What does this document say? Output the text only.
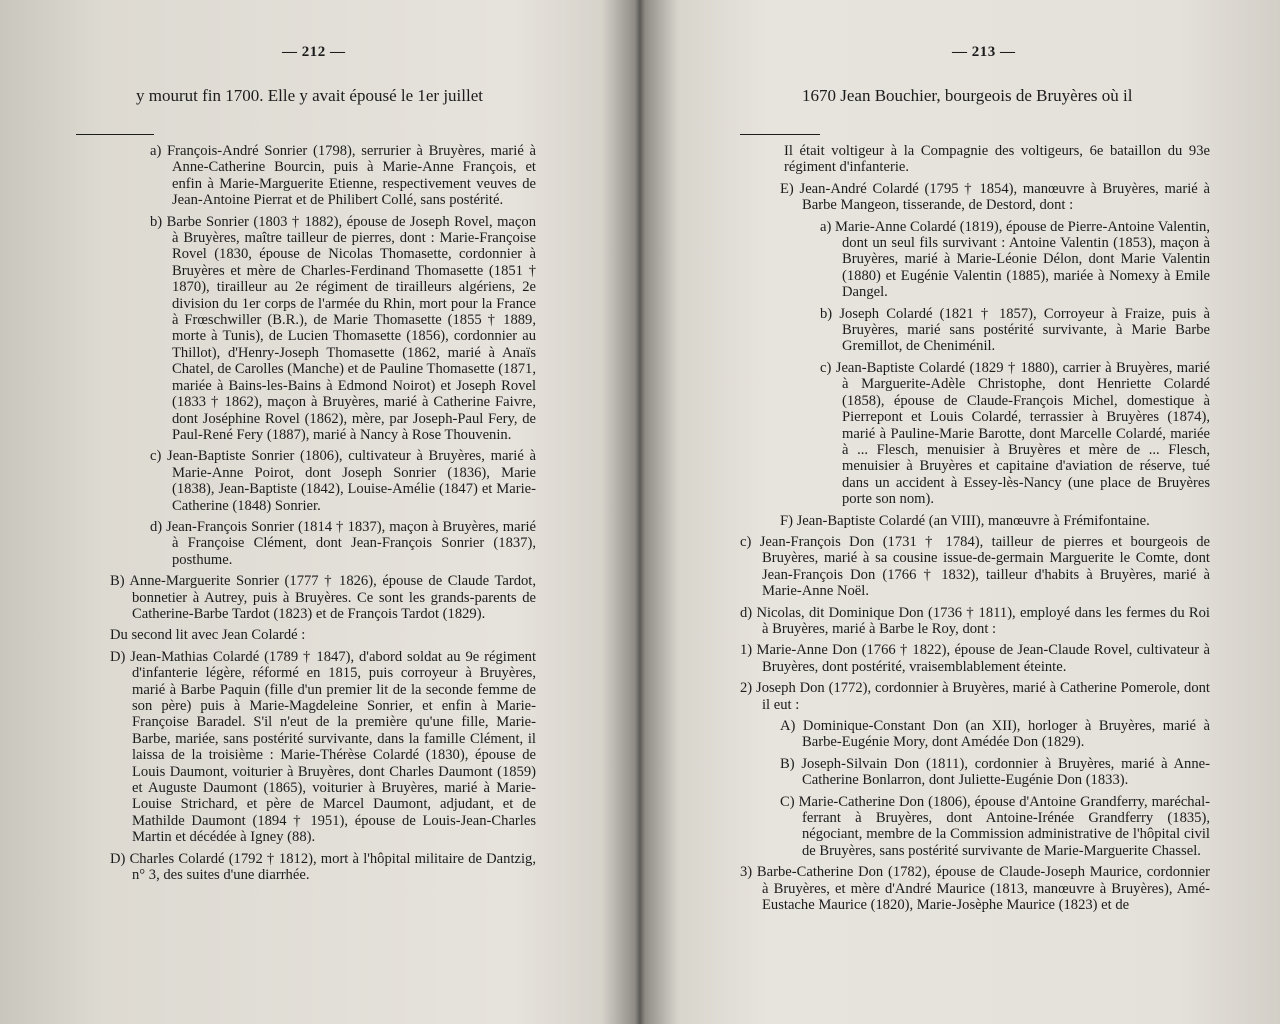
— 212 —
y mourut fin 1700. Elle y avait épousé le 1er juillet

a) François-André Sonrier (1798), serrurier à Bruyères, marié à Anne-Catherine Bourcin, puis à Marie-Anne François, et enfin à Marie-Marguerite Etienne, respectivement veuves de Jean-Antoine Pierrat et de Philibert Collé, sans postérité.

b) Barbe Sonrier (1803 † 1882), épouse de Joseph Rovel, maçon à Bruyères, maître tailleur de pierres, dont : Marie-Françoise Rovel (1830, épouse de Nicolas Thomasette, cordonnier à Bruyères et mère de Charles-Ferdinand Thomasette (1851 † 1870), tirailleur au 2e régiment de tirailleurs algériens, 2e division du 1er corps de l'armée du Rhin, mort pour la France à Frœschwiller (B.R.), de Marie Thomasette (1855 † 1889, morte à Tunis), de Lucien Thomasette (1856), cordonnier au Thillot), d'Henry-Joseph Thomasette (1862, marié à Anaïs Chatel, de Carolles (Manche) et de Pauline Thomasette (1871, mariée à Bains-les-Bains à Edmond Noirot) et Joseph Rovel (1833 † 1862), maçon à Bruyères, marié à Catherine Faivre, dont Joséphine Rovel (1862), mère, par Joseph-Paul Fery, de Paul-René Fery (1887), marié à Nancy à Rose Thouvenin.

c) Jean-Baptiste Sonrier (1806), cultivateur à Bruyères, marié à Marie-Anne Poirot, dont Joseph Sonrier (1836), Marie (1838), Jean-Baptiste (1842), Louise-Amélie (1847) et Marie-Catherine (1848) Sonrier.

d) Jean-François Sonrier (1814 † 1837), maçon à Bruyères, marié à Françoise Clément, dont Jean-François Sonrier (1837), posthume.

B) Anne-Marguerite Sonrier (1777 † 1826), épouse de Claude Tardot, bonnetier à Autrey, puis à Bruyères. Ce sont les grands-parents de Catherine-Barbe Tardot (1823) et de François Tardot (1829).

Du second lit avec Jean Colardé :

D) Jean-Mathias Colardé (1789 † 1847), d'abord soldat au 9e régiment d'infanterie légère, réformé en 1815, puis corroyeur à Bruyères, marié à Barbe Paquin (fille d'un premier lit de la seconde femme de son père) puis à Marie-Magdeleine Sonrier, et enfin à Marie-Françoise Baradel. S'il n'eut de la première qu'une fille, Marie-Barbe, mariée, sans postérité survivante, dans la famille Clément, il laissa de la troisième : Marie-Thérèse Colardé (1830), épouse de Louis Daumont, voiturier à Bruyères, dont Charles Daumont (1859) et Auguste Daumont (1865), voiturier à Bruyères, marié à Marie-Louise Strichard, et père de Marcel Daumont, adjudant, et de Mathilde Daumont (1894 † 1951), épouse de Louis-Jean-Charles Martin et décédée à Igney (88).

D) Charles Colardé (1792 † 1812), mort à l'hôpital militaire de Dantzig, n° 3, des suites d'une diarrhée.

— 213 —
1670 Jean Bouchier, bourgeois de Bruyères où il

Il était voltigeur à la Compagnie des voltigeurs, 6e bataillon du 93e régiment d'infanterie.

E) Jean-André Colardé (1795 † 1854), manœuvre à Bruyères, marié à Barbe Mangeon, tisserande, de Destord, dont :

a) Marie-Anne Colardé (1819), épouse de Pierre-Antoine Valentin, dont un seul fils survivant : Antoine Valentin (1853), maçon à Bruyères, marié à Marie-Léonie Délon, dont Marie Valentin (1880) et Eugénie Valentin (1885), mariée à Nomexy à Emile Dangel.

b) Joseph Colardé (1821 † 1857), Corroyeur à Fraize, puis à Bruyères, marié sans postérité survivante, à Marie Barbe Gremillot, de Cheniménil.

c) Jean-Baptiste Colardé (1829 † 1880), carrier à Bruyères, marié à Marguerite-Adèle Christophe, dont Henriette Colardé (1858), épouse de Claude-François Michel, domestique à Pierrepont et Louis Colardé, terrassier à Bruyères (1874), marié à Pauline-Marie Barotte, dont Marcelle Colardé, mariée à ... Flesch, menuisier à Bruyères et mère de ... Flesch, menuisier à Bruyères et capitaine d'aviation de réserve, tué dans un accident à Essey-lès-Nancy (une place de Bruyères porte son nom).

F) Jean-Baptiste Colardé (an VIII), manœuvre à Frémifontaine.

c) Jean-François Don (1731 † 1784), tailleur de pierres et bourgeois de Bruyères, marié à sa cousine issue-de-germain Marguerite le Comte, dont Jean-François Don (1766 † 1832), tailleur d'habits à Bruyères, marié à Marie-Anne Noël.

d) Nicolas, dit Dominique Don (1736 † 1811), employé dans les fermes du Roi à Bruyères, marié à Barbe le Roy, dont :

1) Marie-Anne Don (1766 † 1822), épouse de Jean-Claude Rovel, cultivateur à Bruyères, dont postérité, vraisemblablement éteinte.

2) Joseph Don (1772), cordonnier à Bruyères, marié à Catherine Pomerole, dont il eut :

A) Dominique-Constant Don (an XII), horloger à Bruyères, marié à Barbe-Eugénie Mory, dont Amédée Don (1829).

B) Joseph-Silvain Don (1811), cordonnier à Bruyères, marié à Anne-Catherine Bonlarron, dont Juliette-Eugénie Don (1833).

C) Marie-Catherine Don (1806), épouse d'Antoine Grandferry, maréchal-ferrant à Bruyères, dont Antoine-Irénée Grandferry (1835), négociant, membre de la Commission administrative de l'hôpital civil de Bruyères, sans postérité survivante de Marie-Marguerite Chassel.

3) Barbe-Catherine Don (1782), épouse de Claude-Joseph Maurice, cordonnier à Bruyères, et mère d'André Maurice (1813, manœuvre à Bruyères), Amé-Eustache Maurice (1820), Marie-Josèphe Maurice (1823) et de
